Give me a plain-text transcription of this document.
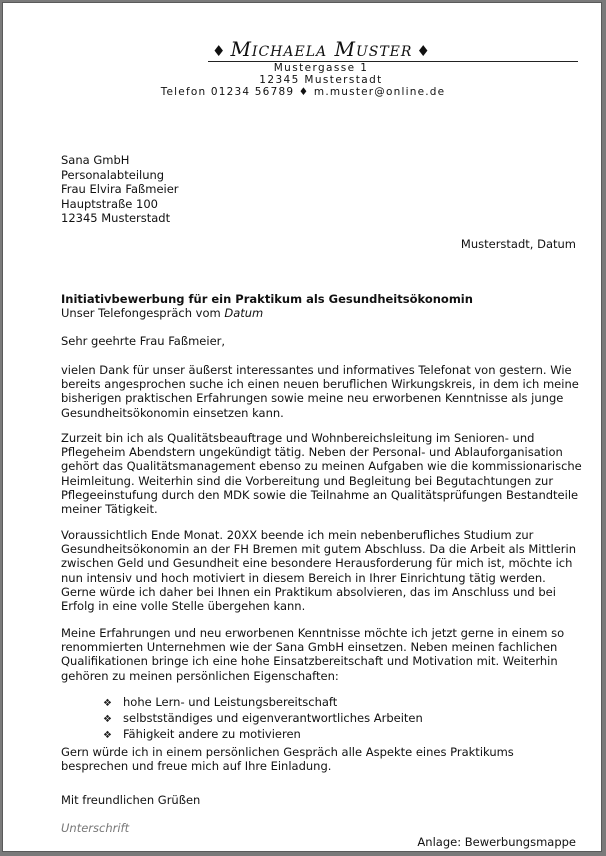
♦ Michaela Muster ♦
Mustergasse 1
12345 Musterstadt
Telefon 01234 56789 ♦ m.muster@online.de
Sana GmbH
Personalabteilung
Frau Elvira Faßmeier
Hauptstraße 100
12345 Musterstadt
Musterstadt, Datum
Initiativbewerbung für ein Praktikum als Gesundheitsökonomin
Unser Telefongespräch vom Datum
Sehr geehrte Frau Faßmeier,
vielen Dank für unser äußerst interessantes und informatives Telefonat von gestern. Wie
bereits angesprochen suche ich einen neuen beruflichen Wirkungskreis, in dem ich meine
bisherigen praktischen Erfahrungen sowie meine neu erworbenen Kenntnisse als junge
Gesundheitsökonomin einsetzen kann.
Zurzeit bin ich als Qualitätsbeauftrage und Wohnbereichsleitung im Senioren- und
Pflegeheim Abendstern ungekündigt tätig. Neben der Personal- und Ablauforganisation
gehört das Qualitätsmanagement ebenso zu meinen Aufgaben wie die kommissionarische
Heimleitung. Weiterhin sind die Vorbereitung und Begleitung bei Begutachtungen zur
Pflegeeinstufung durch den MDK sowie die Teilnahme an Qualitätsprüfungen Bestandteile
meiner Tätigkeit.
Voraussichtlich Ende Monat. 20XX beende ich mein nebenberufliches Studium zur
Gesundheitsökonomin an der FH Bremen mit gutem Abschluss. Da die Arbeit als Mittlerin
zwischen Geld und Gesundheit eine besondere Herausforderung für mich ist, möchte ich
nun intensiv und hoch motiviert in diesem Bereich in Ihrer Einrichtung tätig werden.
Gerne würde ich daher bei Ihnen ein Praktikum absolvieren, das im Anschluss und bei
Erfolg in eine volle Stelle übergehen kann.
Meine Erfahrungen und neu erworbenen Kenntnisse möchte ich jetzt gerne in einem so
renommierten Unternehmen wie der Sana GmbH einsetzen. Neben meinen fachlichen
Qualifikationen bringe ich eine hohe Einsatzbereitschaft und Motivation mit. Weiterhin
gehören zu meinen persönlichen Eigenschaften:
❖ hohe Lern- und Leistungsbereitschaft
❖ selbstständiges und eigenverantwortliches Arbeiten
❖ Fähigkeit andere zu motivieren
Gern würde ich in einem persönlichen Gespräch alle Aspekte eines Praktikums
besprechen und freue mich auf Ihre Einladung.
Mit freundlichen Grüßen
Unterschrift
Anlage: Bewerbungsmappe
